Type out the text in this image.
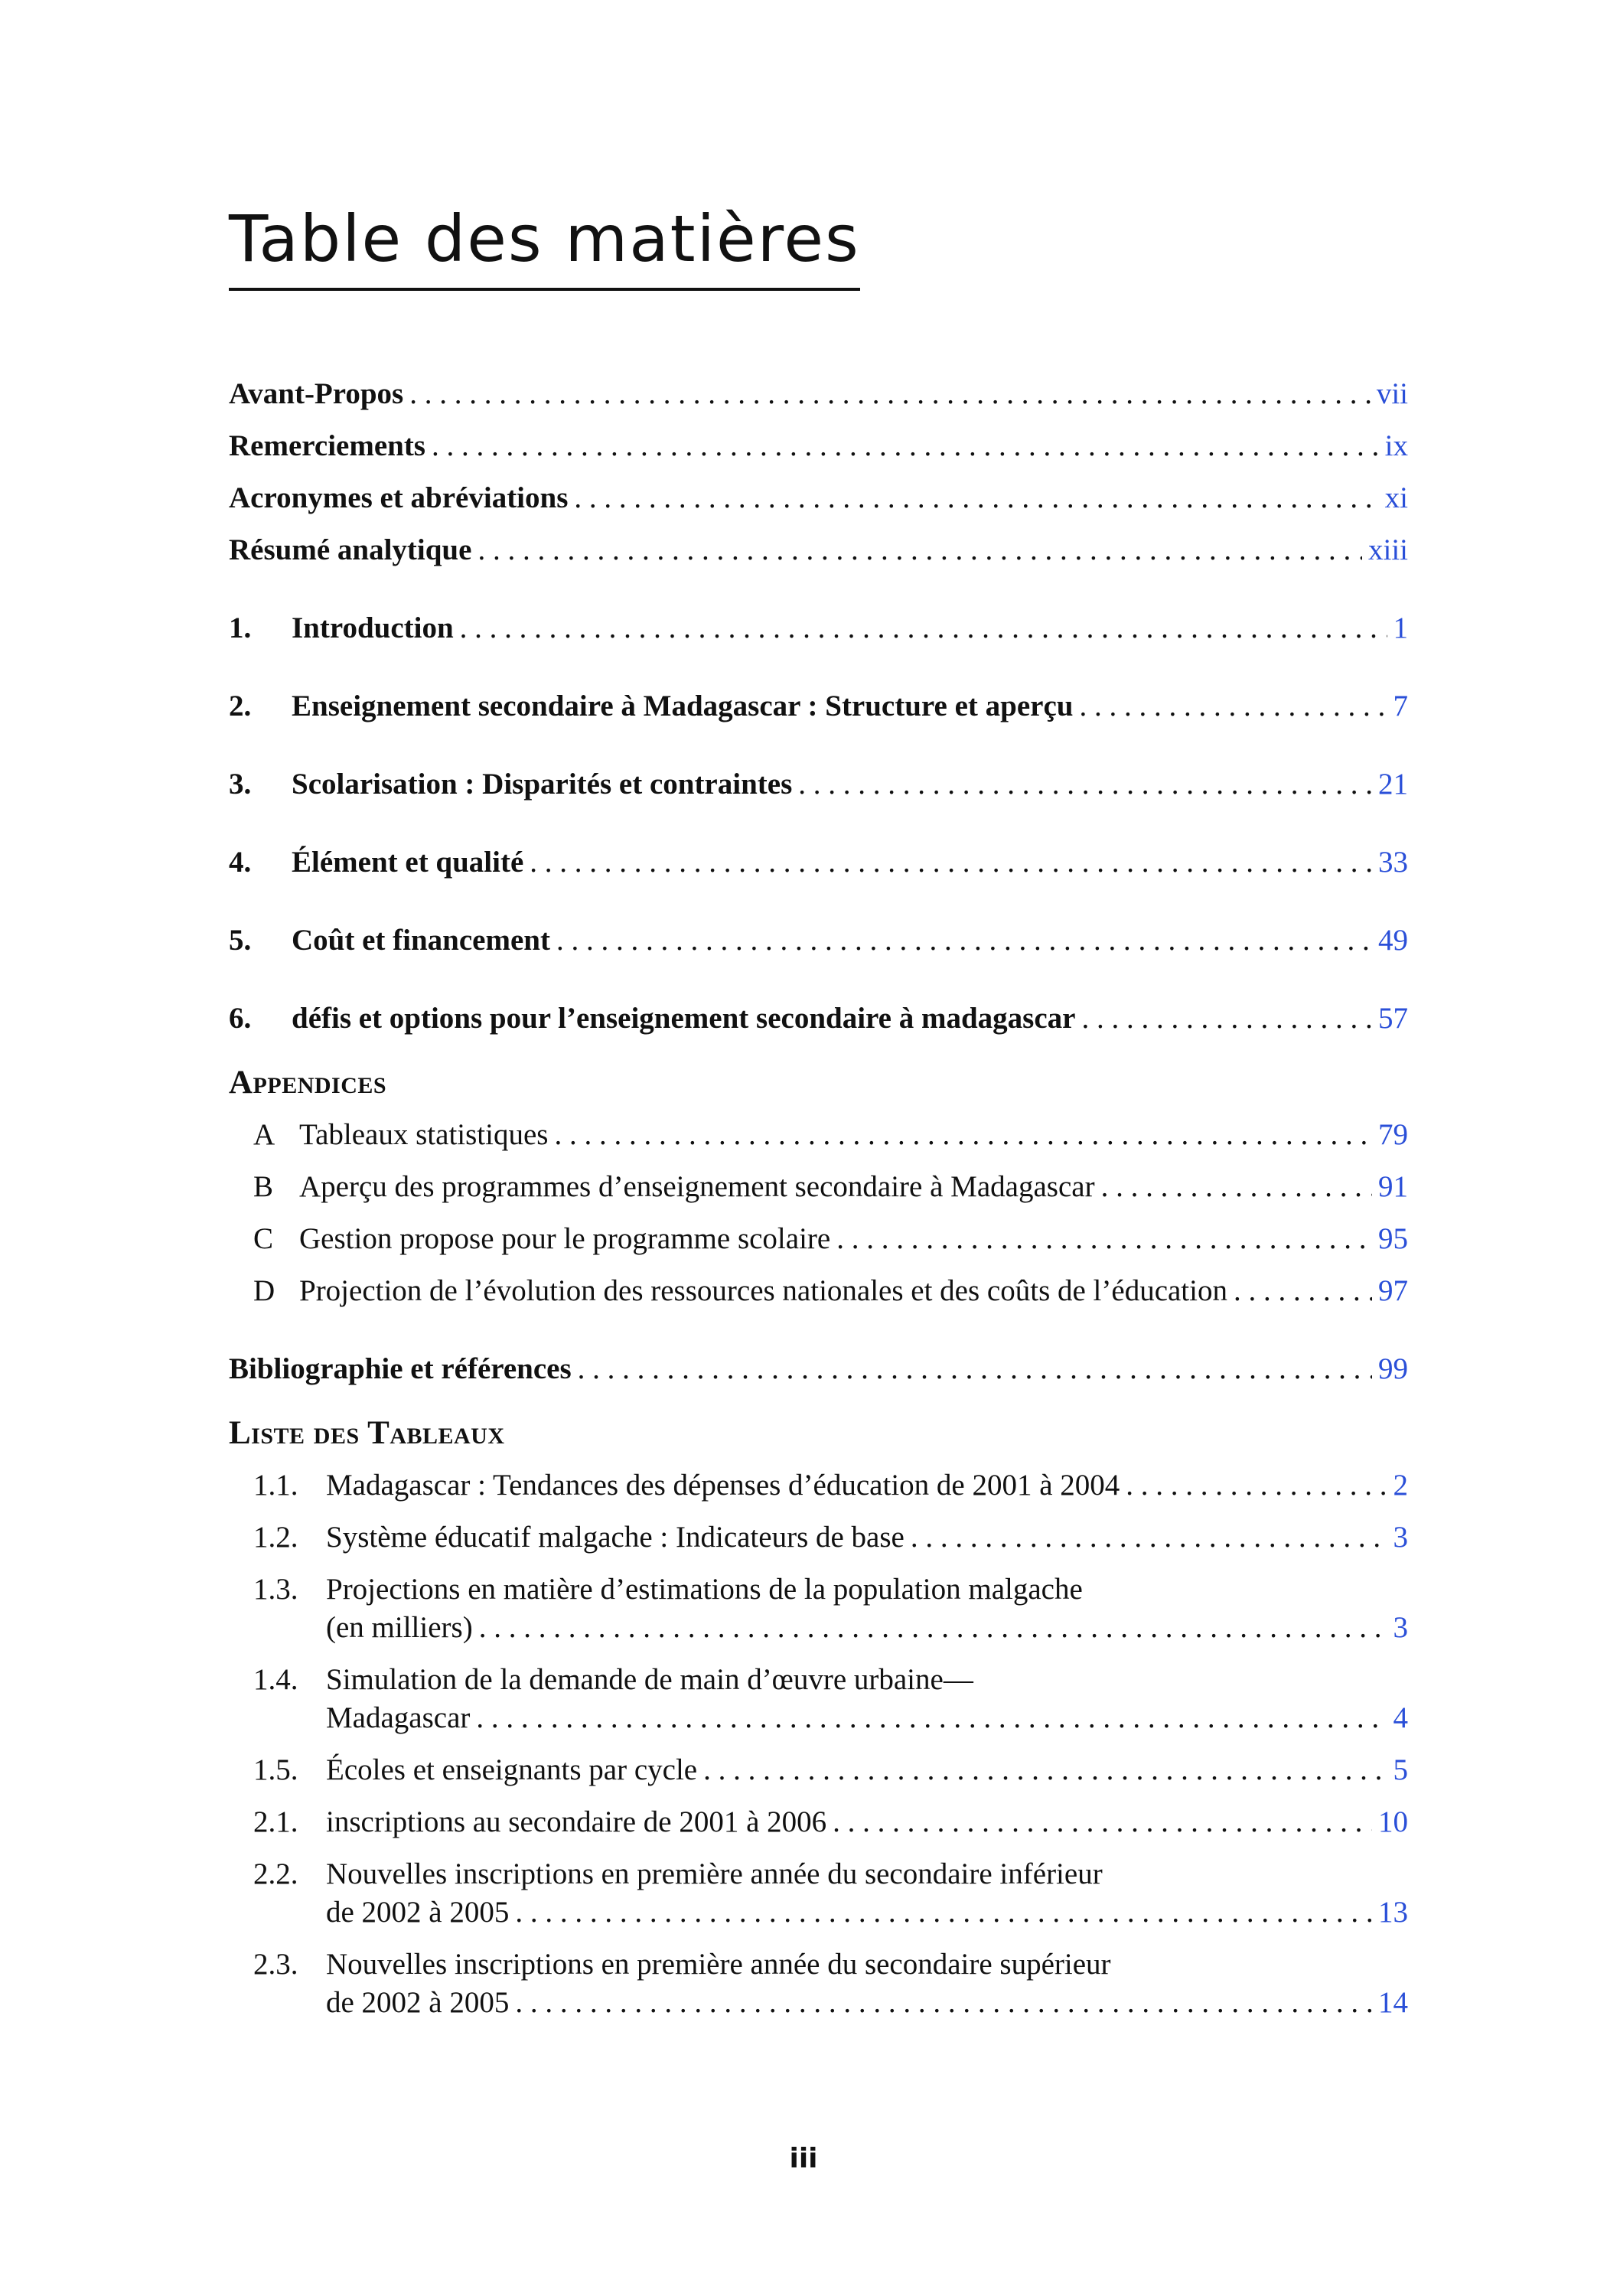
Table des matières
Avant-Propos . . .	vii
Remerciements . . .	ix
Acronymes et abréviations . . .	xi
Résumé analytique . . .	xiii
1.	Introduction . . .	1
2.	Enseignement secondaire à Madagascar : Structure et aperçu . . .	7
3.	Scolarisation : Disparités et contraintes . . .	21
4.	Élément et qualité . . .	33
5.	Coût et financement . . .	49
6.	défis et options pour l’enseignement secondaire à madagascar . . .	57
Appendices
A Tableaux statistiques . . .	79
B Aperçu des programmes d’enseignement secondaire à Madagascar . . .	91
C Gestion propose pour le programme scolaire . . .	95
D Projection de l’évolution des ressources nationales et des coûts de l’éducation . . .	97
Bibliographie et références . . .	99
Liste des Tableaux
1.1. Madagascar : Tendances des dépenses d’éducation de 2001 à 2004 . . .	2
1.2. Système éducatif malgache : Indicateurs de base . . .	3
1.3. Projections en matière d’estimations de la population malgache
(en milliers) . . .	3
1.4. Simulation de la demande de main d’œuvre urbaine—
Madagascar . . .	4
1.5. Écoles et enseignants par cycle . . .	5
2.1. inscriptions au secondaire de 2001 à 2006 . . .	10
2.2. Nouvelles inscriptions en première année du secondaire inférieur
de 2002 à 2005 . . .	13
2.3. Nouvelles inscriptions en première année du secondaire supérieur
de 2002 à 2005 . . .	14
iii
